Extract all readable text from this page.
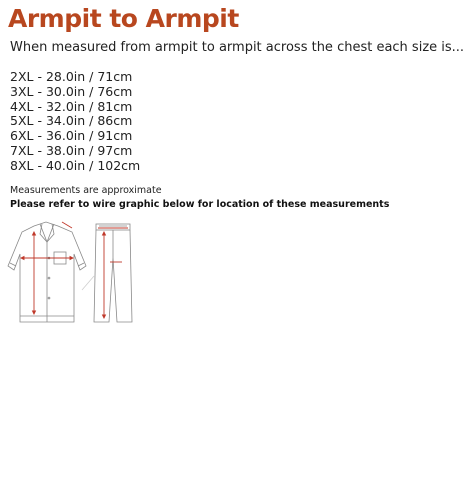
Armpit to Armpit
When measured from armpit to armpit across the chest each size is...
2XL - 28.0in / 71cm
3XL - 30.0in / 76cm
4XL - 32.0in / 81cm
5XL - 34.0in / 86cm
6XL - 36.0in / 91cm
7XL - 38.0in / 97cm
8XL - 40.0in / 102cm
Measurements are approximate
Please refer to wire graphic below for location of these measurements
